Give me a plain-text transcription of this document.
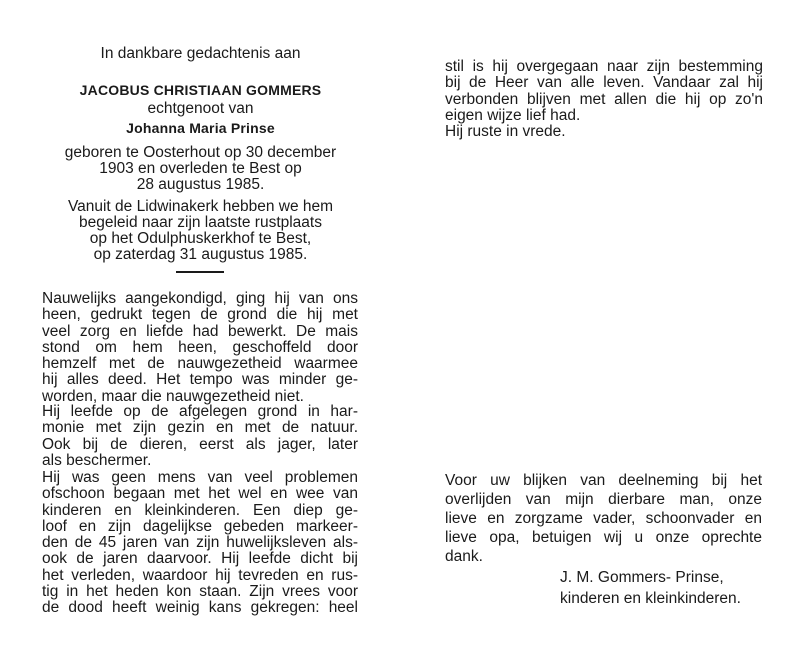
In dankbare gedachtenis aan
JACOBUS CHRISTIAAN GOMMERS
echtgenoot van
Johanna Maria Prinse
geboren te Oosterhout op 30 december
1903 en overleden te Best op
28 augustus 1985.
Vanuit de Lidwinakerk hebben we hem
begeleid naar zijn laatste rustplaats
op het Odulphuskerkhof te Best,
op zaterdag 31 augustus 1985.
Nauwelijks aangekondigd, ging hij van ons
heen, gedrukt tegen de grond die hij met
veel zorg en liefde had bewerkt. De mais
stond om hem heen, geschoffeld door
hemzelf met de nauwgezetheid waarmee
hij alles deed. Het tempo was minder ge-
worden, maar die nauwgezetheid niet.
Hij leefde op de afgelegen grond in har-
monie met zijn gezin en met de natuur.
Ook bij de dieren, eerst als jager, later
als beschermer.
Hij was geen mens van veel problemen
ofschoon begaan met het wel en wee van
kinderen en kleinkinderen. Een diep ge-
loof en zijn dagelijkse gebeden markeer-
den de 45 jaren van zijn huwelijksleven als-
ook de jaren daarvoor. Hij leefde dicht bij
het verleden, waardoor hij tevreden en rus-
tig in het heden kon staan. Zijn vrees voor
de dood heeft weinig kans gekregen: heel
stil is hij overgegaan naar zijn bestemming
bij de Heer van alle leven. Vandaar zal hij
verbonden blijven met allen die hij op zo'n
eigen wijze lief had.
Hij ruste in vrede.
Voor uw blijken van deelneming bij het
overlijden van mijn dierbare man, onze
lieve en zorgzame vader, schoonvader en
lieve opa, betuigen wij u onze oprechte
dank.
J. M. Gommers- Prinse,
kinderen en kleinkinderen.
